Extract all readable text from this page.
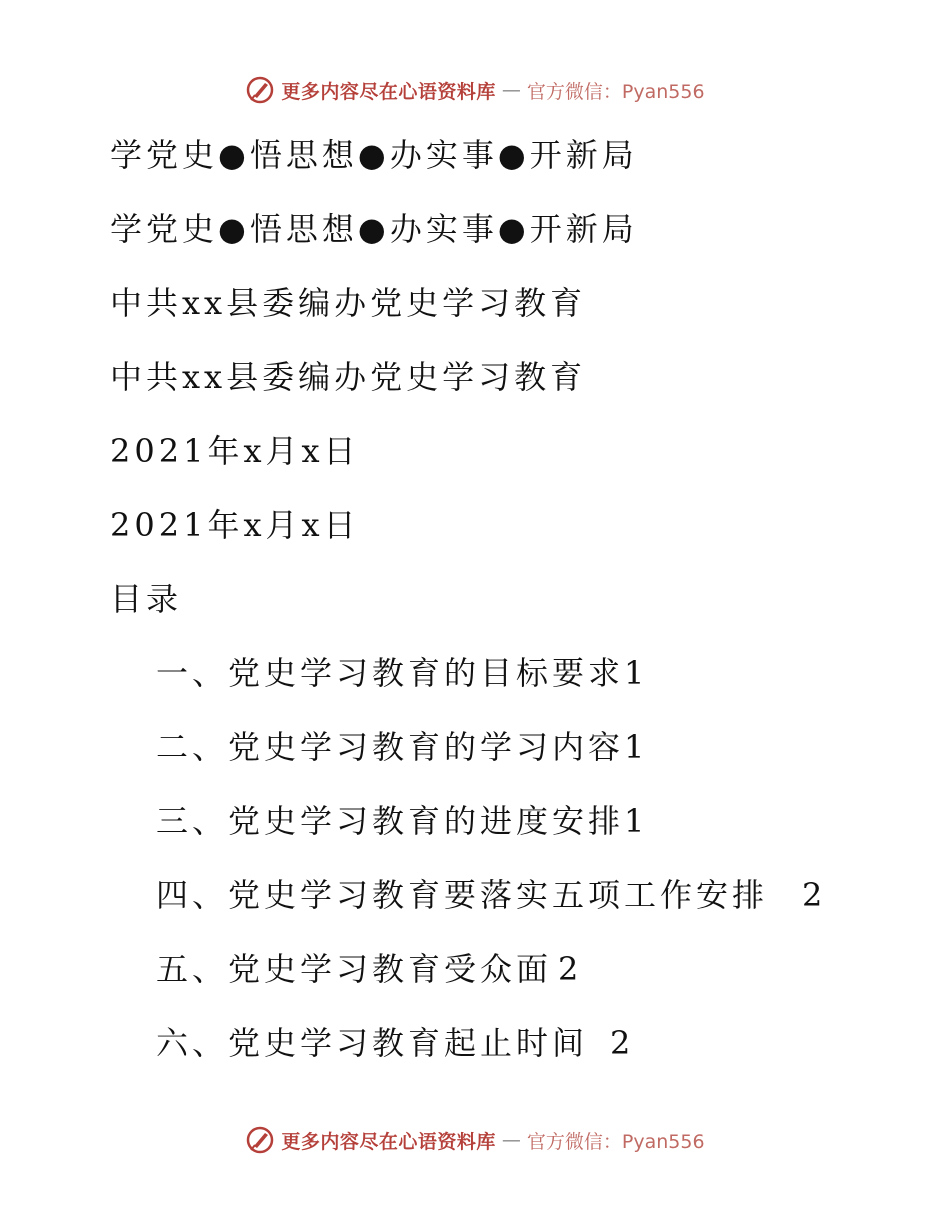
更多内容尽在心语资料库 — 官方微信：Pyan556
学党史●悟思想●办实事●开新局
学党史●悟思想●办实事●开新局
中共xx县委编办党史学习教育
中共xx县委编办党史学习教育
2021年x月x日
2021年x月x日
目录
一、党史学习教育的目标要求1
二、党史学习教育的学习内容1
三、党史学习教育的进度安排1
四、党史学习教育要落实五项工作安排 2
五、党史学习教育受众面 2
六、党史学习教育起止时间 2
更多内容尽在心语资料库 — 官方微信：Pyan556
